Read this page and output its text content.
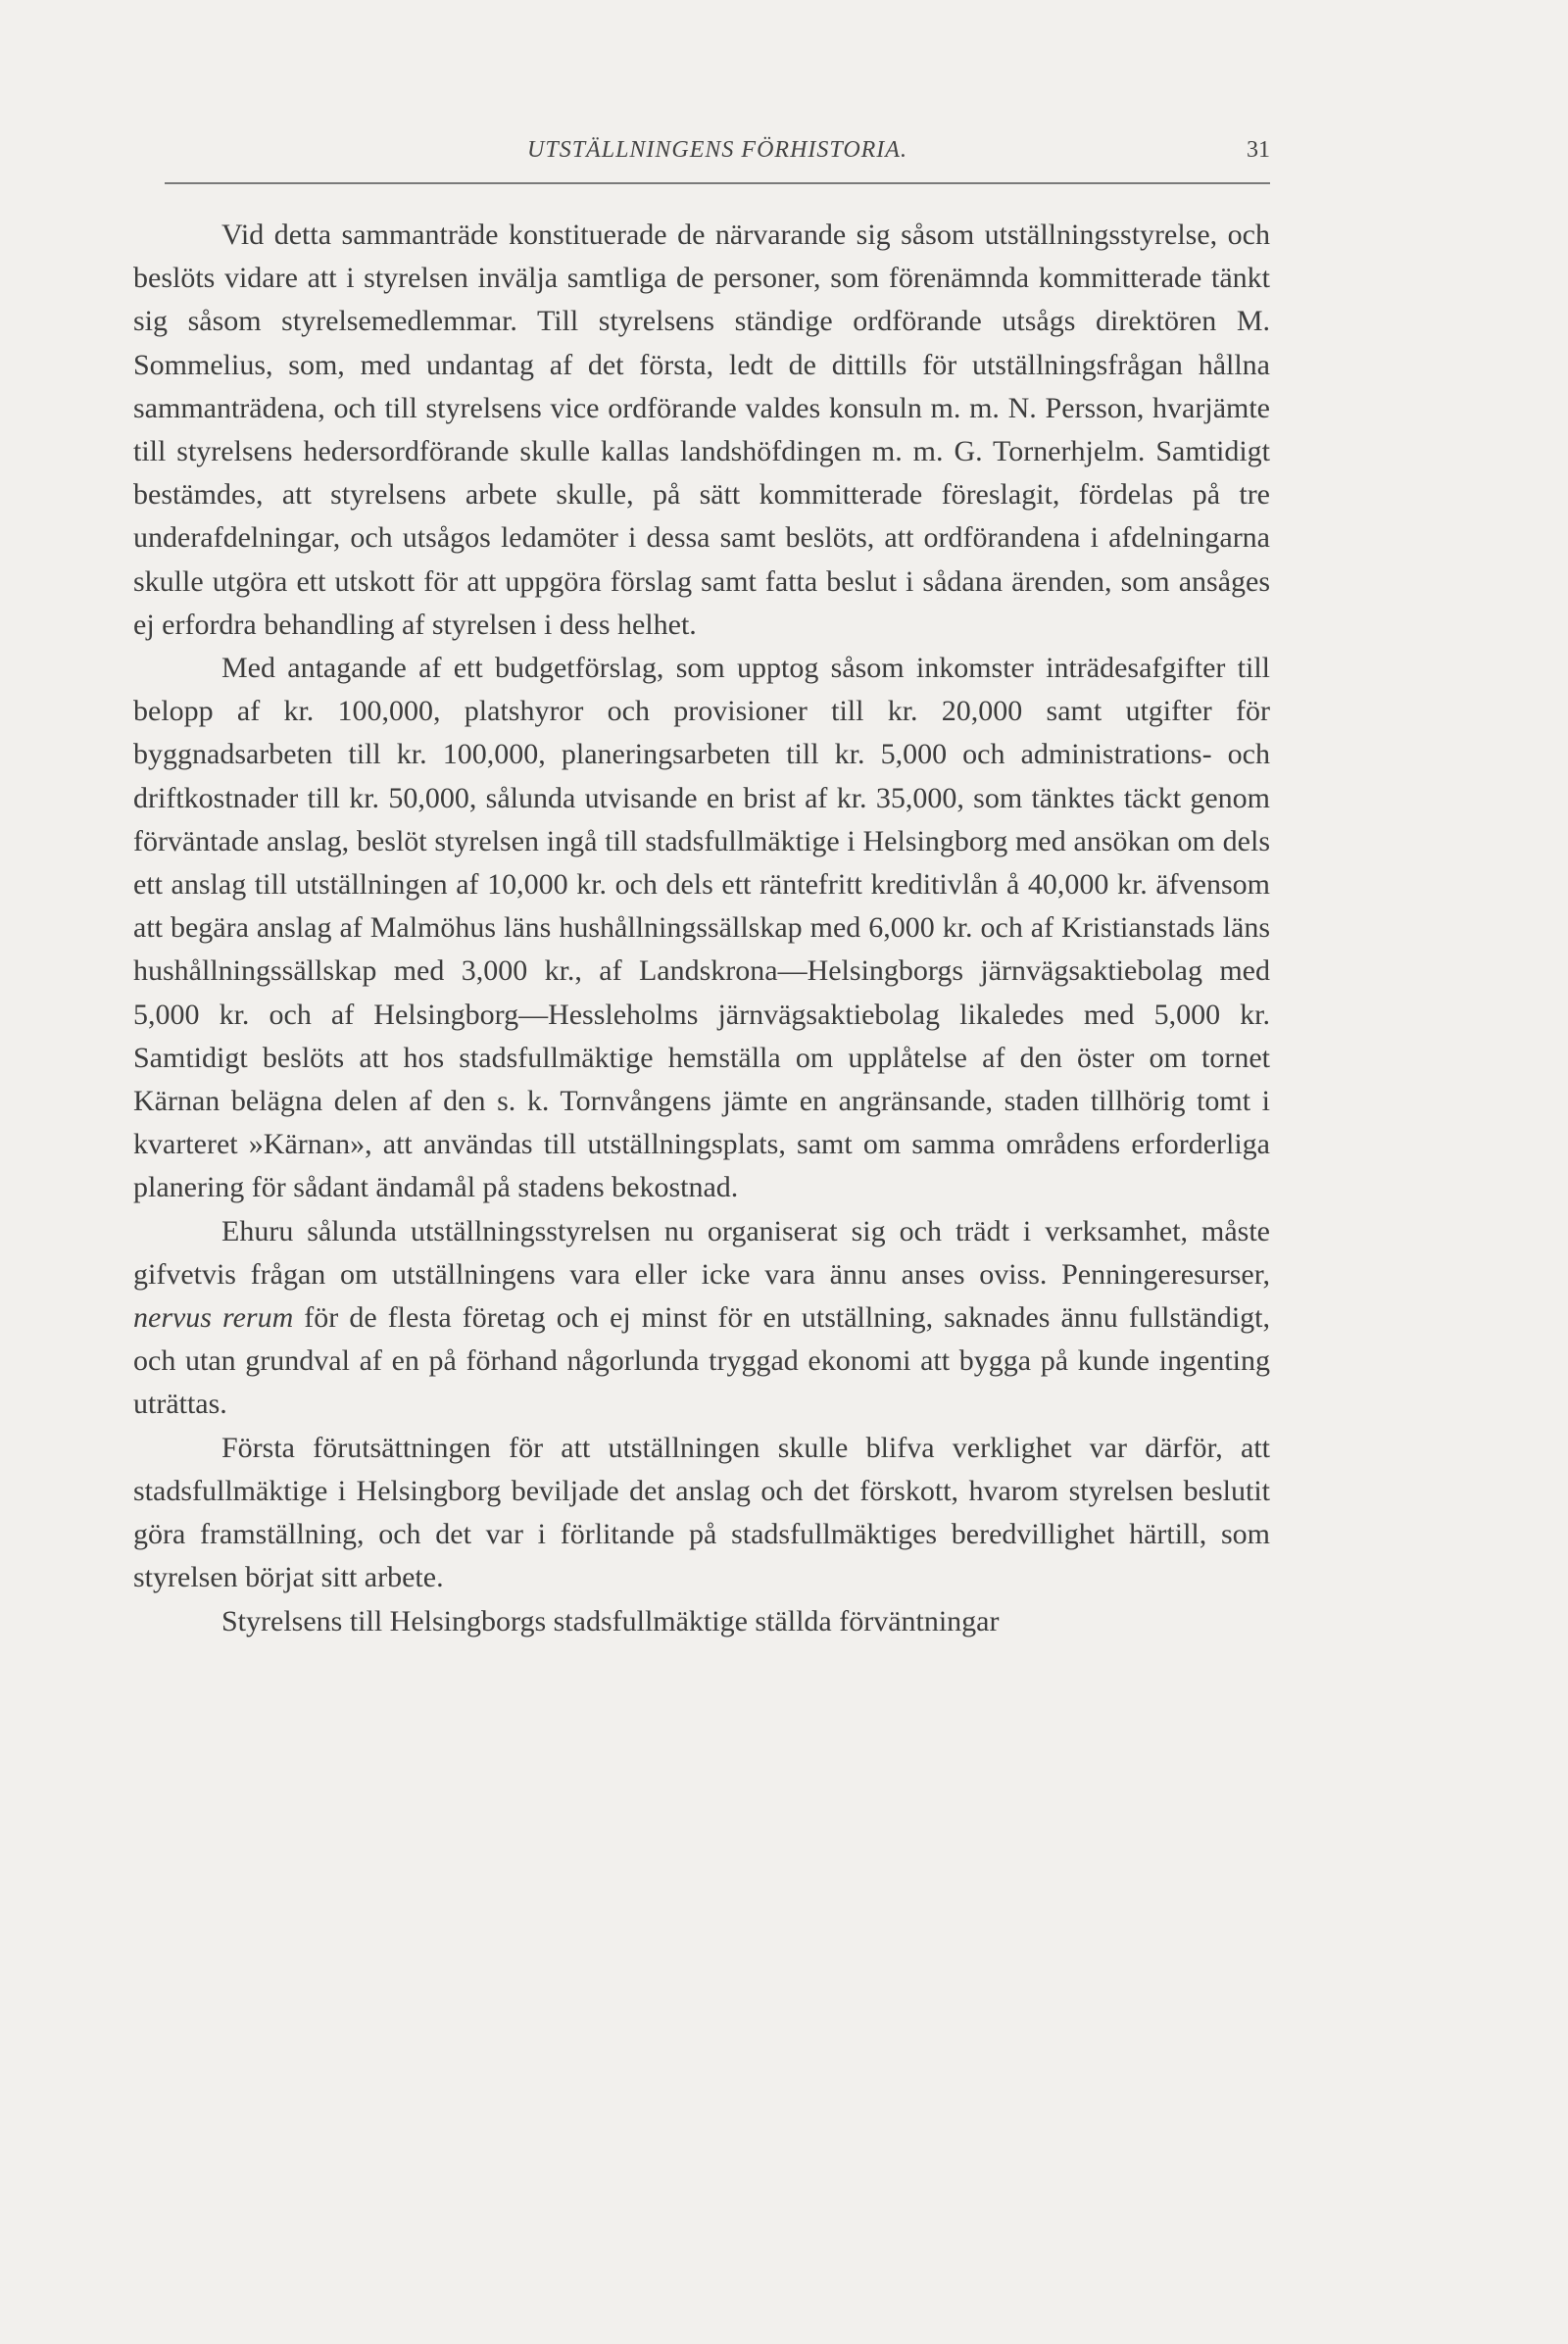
UTSTÄLLNINGENS FÖRHISTORIA.	31

Vid detta sammanträde konstituerade de närvarande sig såsom utställningsstyrelse, och beslöts vidare att i styrelsen invälja samtliga de personer, som förenämnda kommitterade tänkt sig såsom styrelsemedlemmar. Till styrelsens ständige ordförande utsågs direktören M. Sommelius, som, med undantag af det första, ledt de dittills för utställningsfrågan hållna sammanträdena, och till styrelsens vice ordförande valdes konsuln m. m. N. Persson, hvarjämte till styrelsens hedersordförande skulle kallas landshöfdingen m. m. G. Tornerhjelm. Samtidigt bestämdes, att styrelsens arbete skulle, på sätt kommitterade föreslagit, fördelas på tre underafdelningar, och utsågos ledamöter i dessa samt beslöts, att ordförandena i afdelningarna skulle utgöra ett utskott för att uppgöra förslag samt fatta beslut i sådana ärenden, som ansåges ej erfordra behandling af styrelsen i dess helhet.

Med antagande af ett budgetförslag, som upptog såsom inkomster inträdesafgifter till belopp af kr. 100,000, platshyror och provisioner till kr. 20,000 samt utgifter för byggnadsarbeten till kr. 100,000, planeringsarbeten till kr. 5,000 och administrations- och driftkostnader till kr. 50,000, sålunda utvisande en brist af kr. 35,000, som tänktes täckt genom förväntade anslag, beslöt styrelsen ingå till stadsfullmäktige i Helsingborg med ansökan om dels ett anslag till utställningen af 10,000 kr. och dels ett räntefritt kreditivlån å 40,000 kr. äfvensom att begära anslag af Malmöhus läns hushållningssällskap med 6,000 kr. och af Kristianstads läns hushållningssällskap med 3,000 kr., af Landskrona—Helsingborgs järnvägsaktiebolag med 5,000 kr. och af Helsingborg—Hessleholms järnvägsaktiebolag likaledes med 5,000 kr. Samtidigt beslöts att hos stadsfullmäktige hemställa om upplåtelse af den öster om tornet Kärnan belägna delen af den s. k. Tornvångens jämte en angränsande, staden tillhörig tomt i kvarteret »Kärnan», att användas till utställningsplats, samt om samma områdens erforderliga planering för sådant ändamål på stadens bekostnad.

Ehuru sålunda utställningsstyrelsen nu organiserat sig och trädt i verksamhet, måste gifvetvis frågan om utställningens vara eller icke vara ännu anses oviss. Penningeresurser, nervus rerum för de flesta företag och ej minst för en utställning, saknades ännu fullständigt, och utan grundval af en på förhand någorlunda tryggad ekonomi att bygga på kunde ingenting uträttas.

Första förutsättningen för att utställningen skulle blifva verklighet var därför, att stadsfullmäktige i Helsingborg beviljade det anslag och det förskott, hvarom styrelsen beslutit göra framställning, och det var i förlitande på stadsfullmäktiges beredvillighet härtill, som styrelsen börjat sitt arbete.

Styrelsens till Helsingborgs stadsfullmäktige ställda förväntningar
